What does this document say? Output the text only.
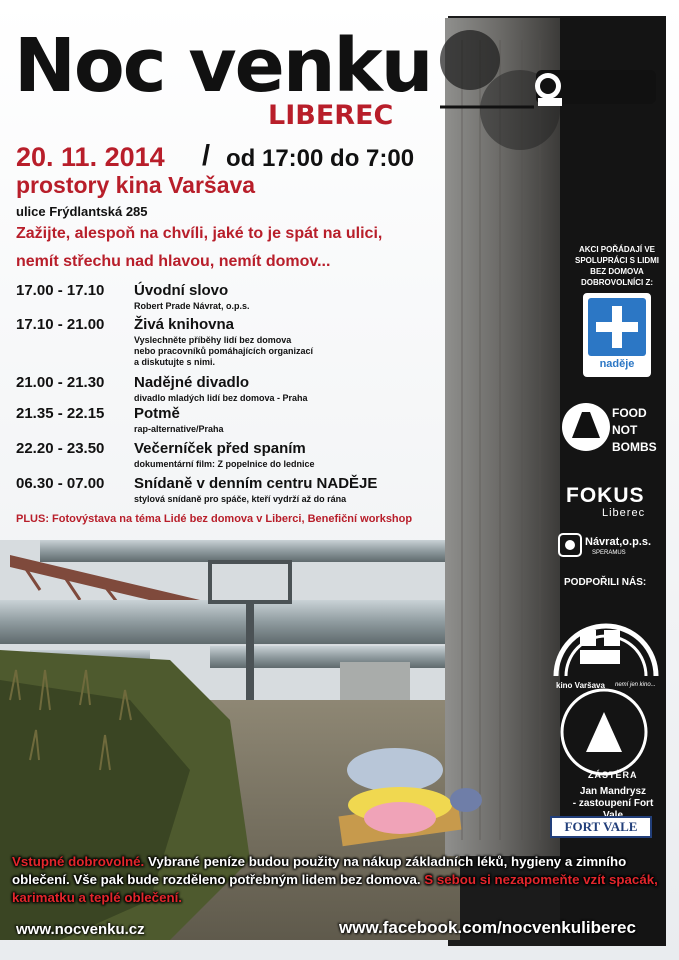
Noc venku
LIBEREC
20. 11. 2014 / od 17:00 do 7:00
prostory kina Varšava
ulice Frýdlantská 285
Zažijte, alespoň na chvíli, jaké to je spát na ulici,
nemít střechu nad hlavou, nemít domov...
17.00 - 17.10 Úvodní slovo
Robert Prade Návrat, o.p.s.
17.10 - 21.00 Živá knihovna
Vyslechněte příběhy lidí bez domova
nebo pracovníků pomáhajících organizací
a diskutujte s nimi.
21.00 - 21.30 Nadějné divadlo
divadlo mladých lidí bez domova - Praha
21.35 - 22.15 Potmě
rap-alternative/Praha
22.20 - 23.50 Večerníček před spaním
dokumentární film: Z popelnice do lednice
06.30 - 07.00 Snídaně v denním centru NADĚJE
stylová snídaně pro spáče, kteří vydrží až do rána
PLUS: Fotovýstava na téma Lidé bez domova v Liberci, Benefiční workshop
AKCI POŘÁDAJÍ VE
SPOLUPRÁCI S LIDMI
BEZ DOMOVA
DOBROVOLNÍCI Z:
naděje
FOOD
NOT
BOMBS
FOKUS
Liberec
Návrat,o.p.s.
SPERAMUS
PODPOŘILI NÁS:
kino Varšava nemí jen kino...
ZÁSTĚRA
Jan Mandrysz
- zastoupení Fort
FORT VALE
Vstupné dobrovolné. Vybrané peníze budou použity na nákup základních léků, hygieny a zimního oblečení. Vše pak bude rozděleno potřebným lidem bez domova. S sebou si nezapomeňte vzít spacák, karimatku a teplé oblečení.
www.nocvenku.cz	www.facebook.com/nocvenkuliberec
